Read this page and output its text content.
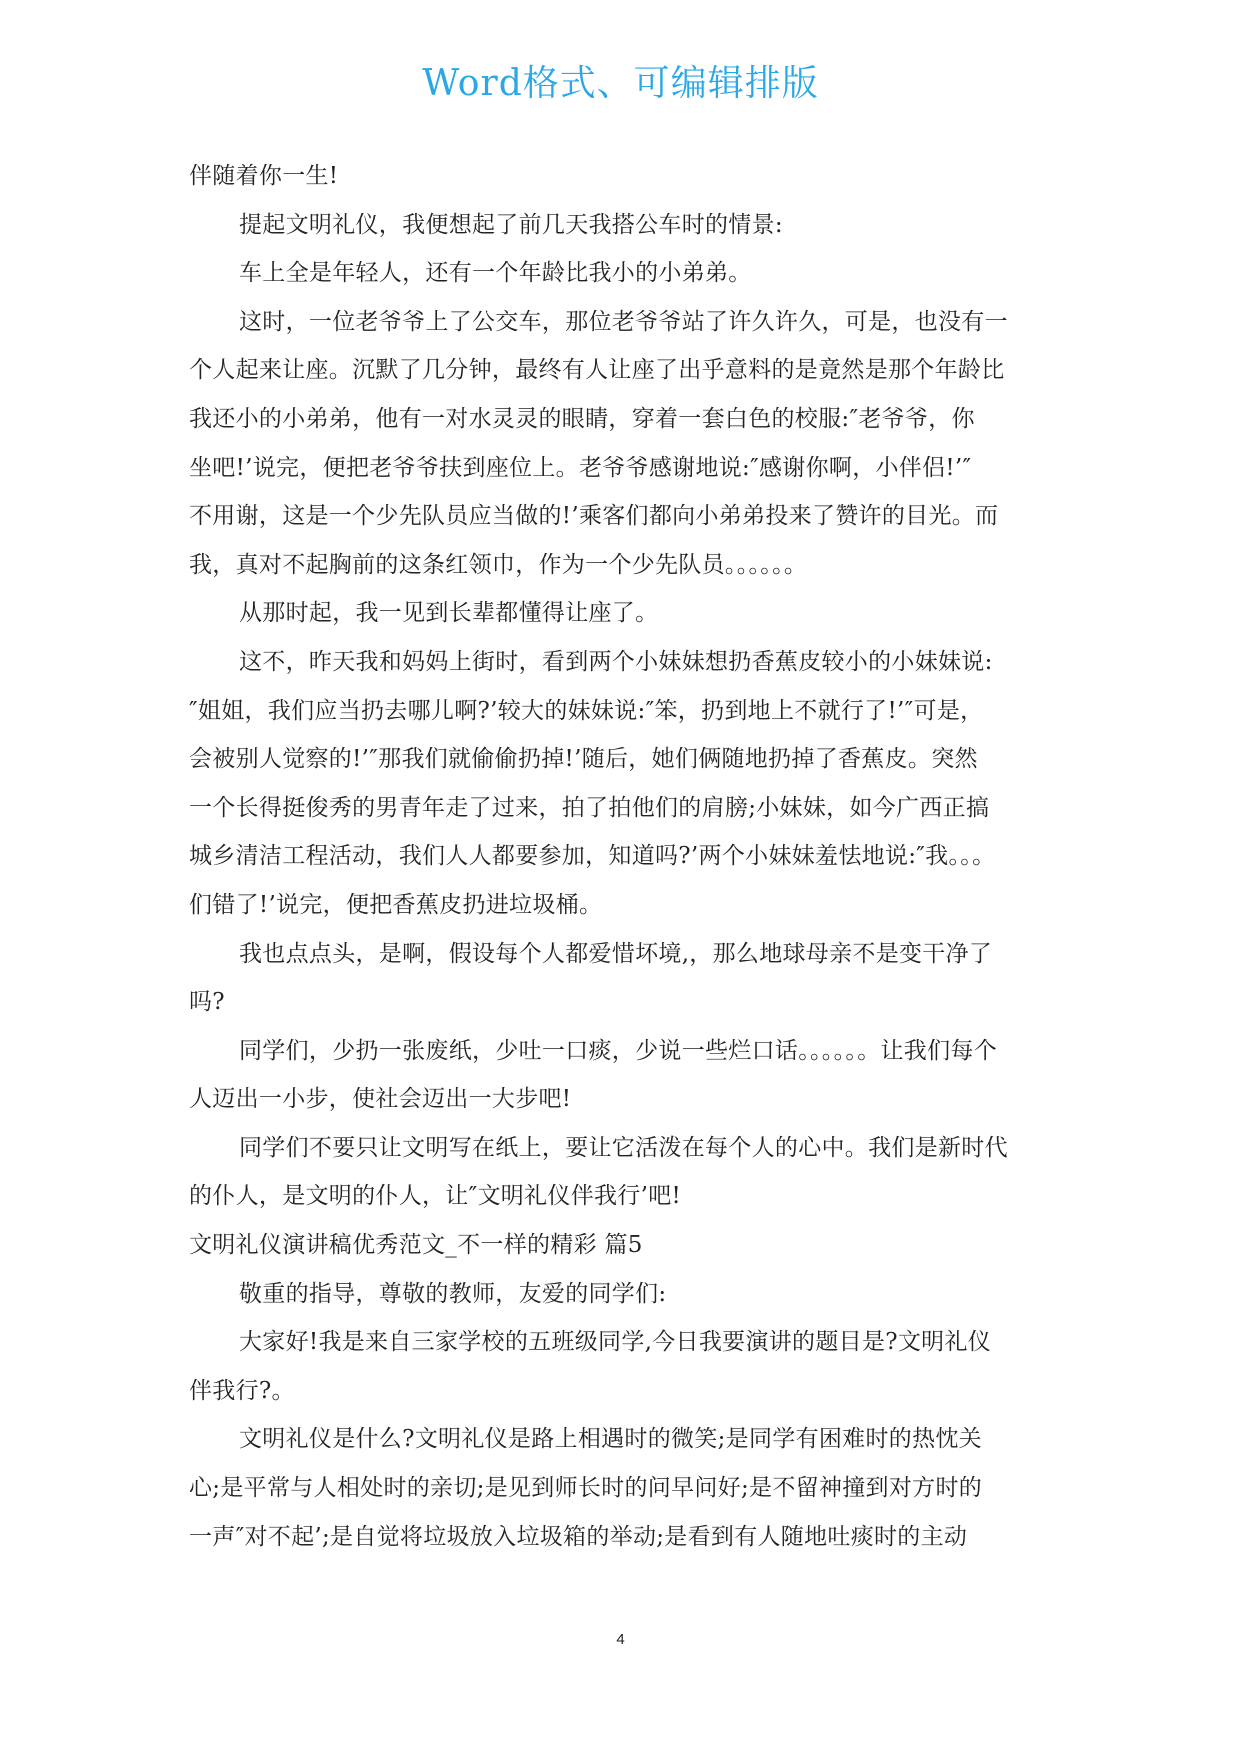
Word格式、可编辑排版
伴随着你一生!
提起文明礼仪，我便想起了前几天我搭公车时的情景:
车上全是年轻人，还有一个年龄比我小的小弟弟。
这时，一位老爷爷上了公交车，那位老爷爷站了许久许久，可是，也没有一
个人起来让座。沉默了几分钟，最终有人让座了出乎意料的是竟然是那个年龄比
我还小的小弟弟，他有一对水灵灵的眼睛，穿着一套白色的校服:″老爷爷，你
坐吧!’说完，便把老爷爷扶到座位上。老爷爷感谢地说:″感谢你啊，小伴侣!’″
不用谢，这是一个少先队员应当做的!’乘客们都向小弟弟投来了赞许的目光。而
我，真对不起胸前的这条红领巾，作为一个少先队员。。。。。。
从那时起，我一见到长辈都懂得让座了。
这不，昨天我和妈妈上街时，看到两个小妹妹想扔香蕉皮较小的小妹妹说:
″姐姐，我们应当扔去哪儿啊?’较大的妹妹说:″笨，扔到地上不就行了!’″可是，
会被别人觉察的!’″那我们就偷偷扔掉!’随后，她们俩随地扔掉了香蕉皮。突然
一个长得挺俊秀的男青年走了过来，拍了拍他们的肩膀;小妹妹，如今广西正搞
城乡清洁工程活动，我们人人都要参加，知道吗?’两个小妹妹羞怯地说:″我。。。
们错了!’说完，便把香蕉皮扔进垃圾桶。
我也点点头，是啊，假设每个人都爱惜坏境,，那么地球母亲不是变干净了
吗?
同学们，少扔一张废纸，少吐一口痰，少说一些烂口话。。。。。。让我们每个
人迈出一小步，使社会迈出一大步吧!
同学们不要只让文明写在纸上，要让它活泼在每个人的心中。我们是新时代
的仆人，是文明的仆人，让″文明礼仪伴我行’吧!
文明礼仪演讲稿优秀范文_不一样的精彩 篇5
敬重的指导，尊敬的教师，友爱的同学们:
大家好!我是来自三家学校的五班级同学,今日我要演讲的题目是?文明礼仪
伴我行?。
文明礼仪是什么?文明礼仪是路上相遇时的微笑;是同学有困难时的热忱关
心;是平常与人相处时的亲切;是见到师长时的问早问好;是不留神撞到对方时的
一声″对不起’;是自觉将垃圾放入垃圾箱的举动;是看到有人随地吐痰时的主动
4
